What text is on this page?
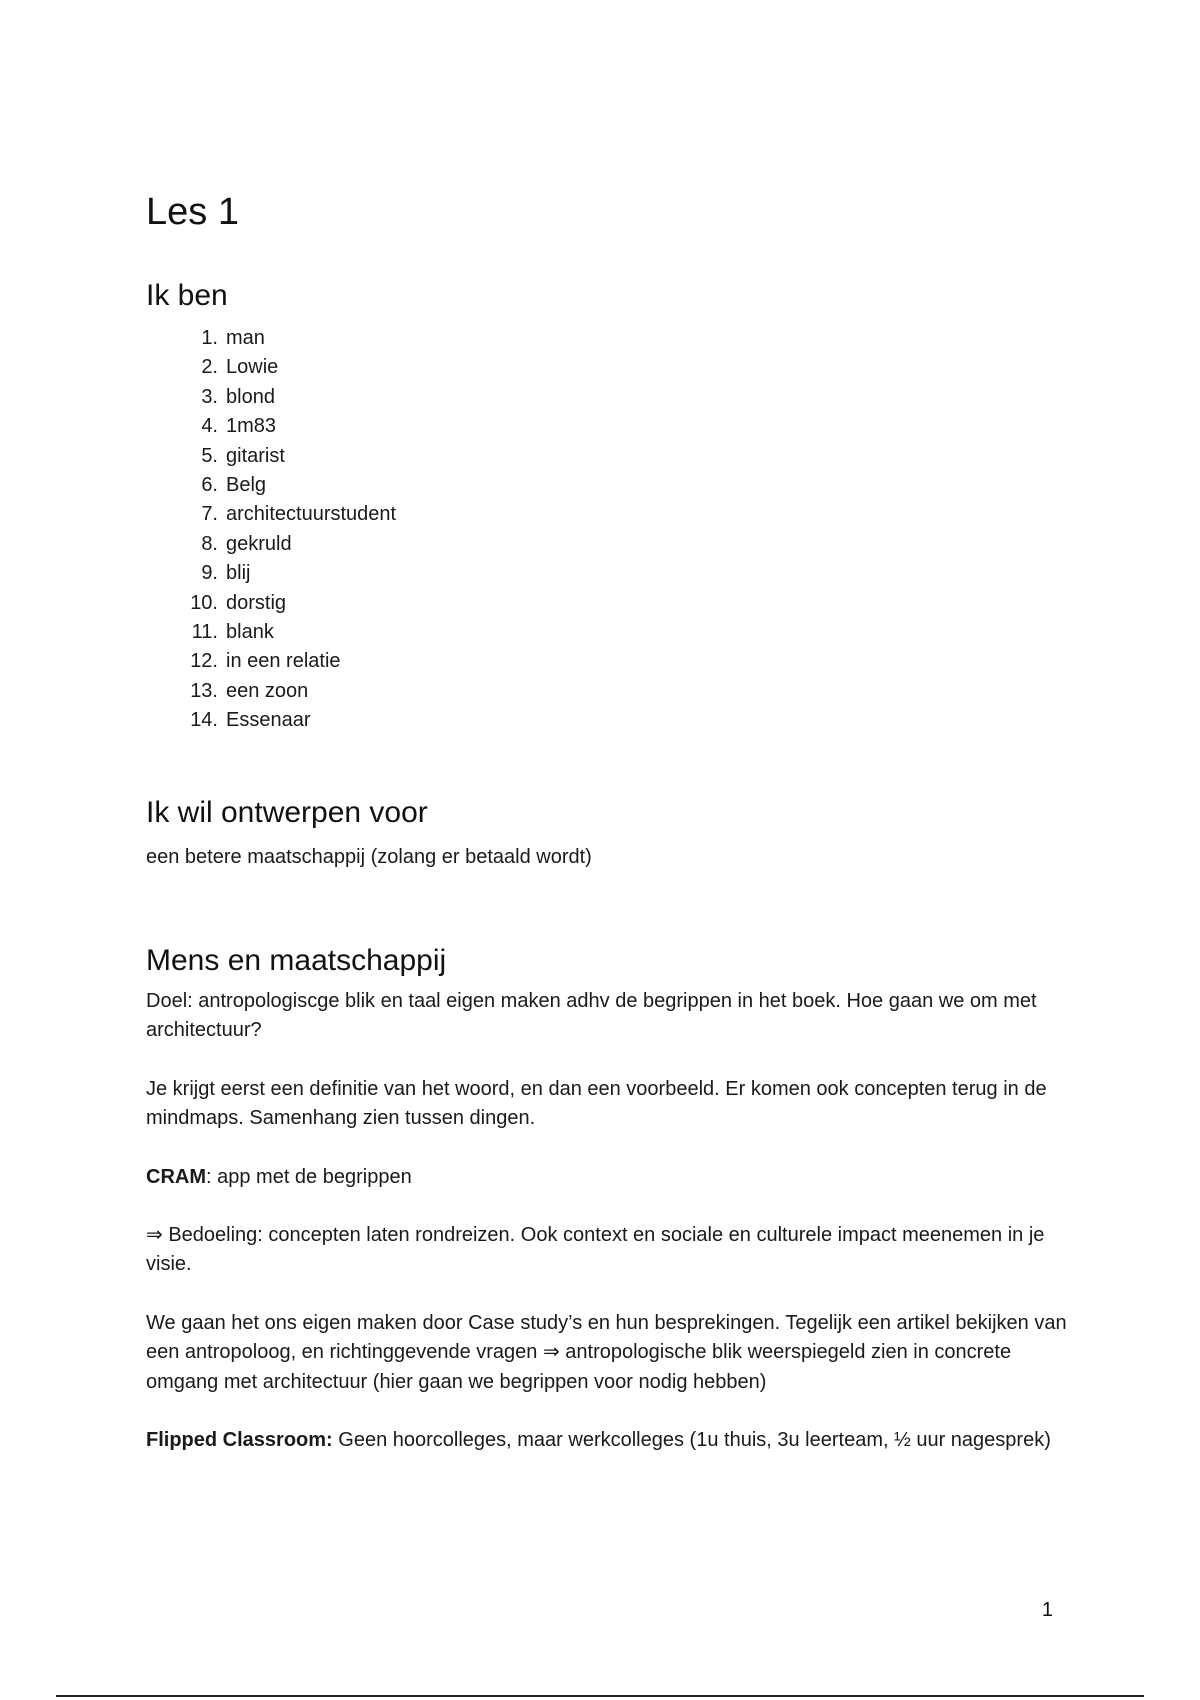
Les 1
Ik ben
1. man
2. Lowie
3. blond
4. 1m83
5. gitarist
6. Belg
7. architectuurstudent
8. gekruld
9. blij
10. dorstig
11. blank
12. in een relatie
13. een zoon
14. Essenaar
Ik wil ontwerpen voor

een betere maatschappij (zolang er betaald wordt)

Mens en maatschappij

Doel: antropologiscge blik en taal eigen maken adhv de begrippen in het boek. Hoe gaan we om met architectuur?

Je krijgt eerst een definitie van het woord, en dan een voorbeeld. Er komen ook concepten terug in de mindmaps. Samenhang zien tussen dingen.

CRAM: app met de begrippen

⇒ Bedoeling: concepten laten rondreizen. Ook context en sociale en culturele impact meenemen in je visie.

We gaan het ons eigen maken door Case study’s en hun besprekingen. Tegelijk een artikel bekijken van een antropoloog, en richtinggevende vragen ⇒ antropologische blik weerspiegeld zien in concrete omgang met architectuur (hier gaan we begrippen voor nodig hebben)

Flipped Classroom: Geen hoorcolleges, maar werkcolleges (1u thuis, 3u leerteam, ½ uur nagesprek)

1
